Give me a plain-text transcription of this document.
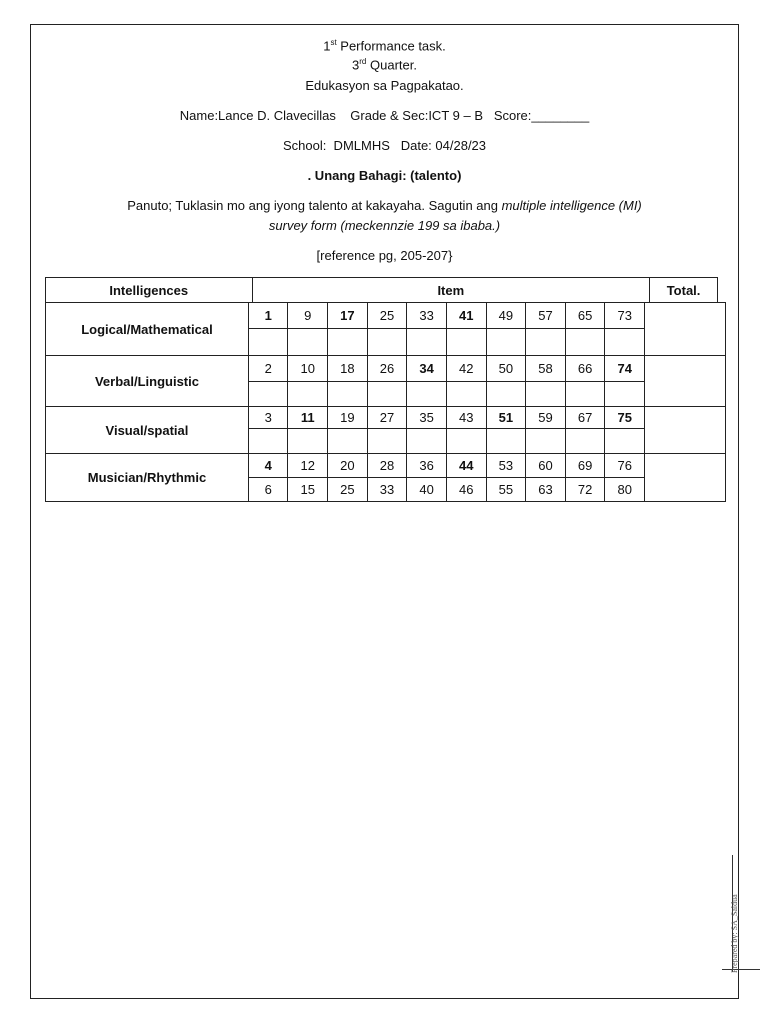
1st Performance task.
3rd Quarter.
Edukasyon sa Pagpakatao.
Name:Lance D. Clavecillas    Grade & Sec:ICT 9 – B   Score:________
School:  DMLMHS   Date: 04/28/23
. Unang Bahagi: (talento)
Panuto; Tuklasin mo ang iyong talento at kakayaha. Sagutin ang multiple intelligence (MI)
survey form (meckennzie 199 sa ibaba.)
[reference pg, 205-207}
Intelligences	Item	Total.
Logical/Mathematical	1	9	17	25	33	41	49	57	65	73	

Verbal/Linguistic	2	10	18	26	34	42	50	58	66	74	

Visual/spatial	3	11	19	27	35	43	51	59	67	75	

Musician/Rhythmic	4	12	20	28	36	44	53	60	69	76	
	6	15	25	33	40	46	55	63	72	80	
Prepared by: SA_Saldua
